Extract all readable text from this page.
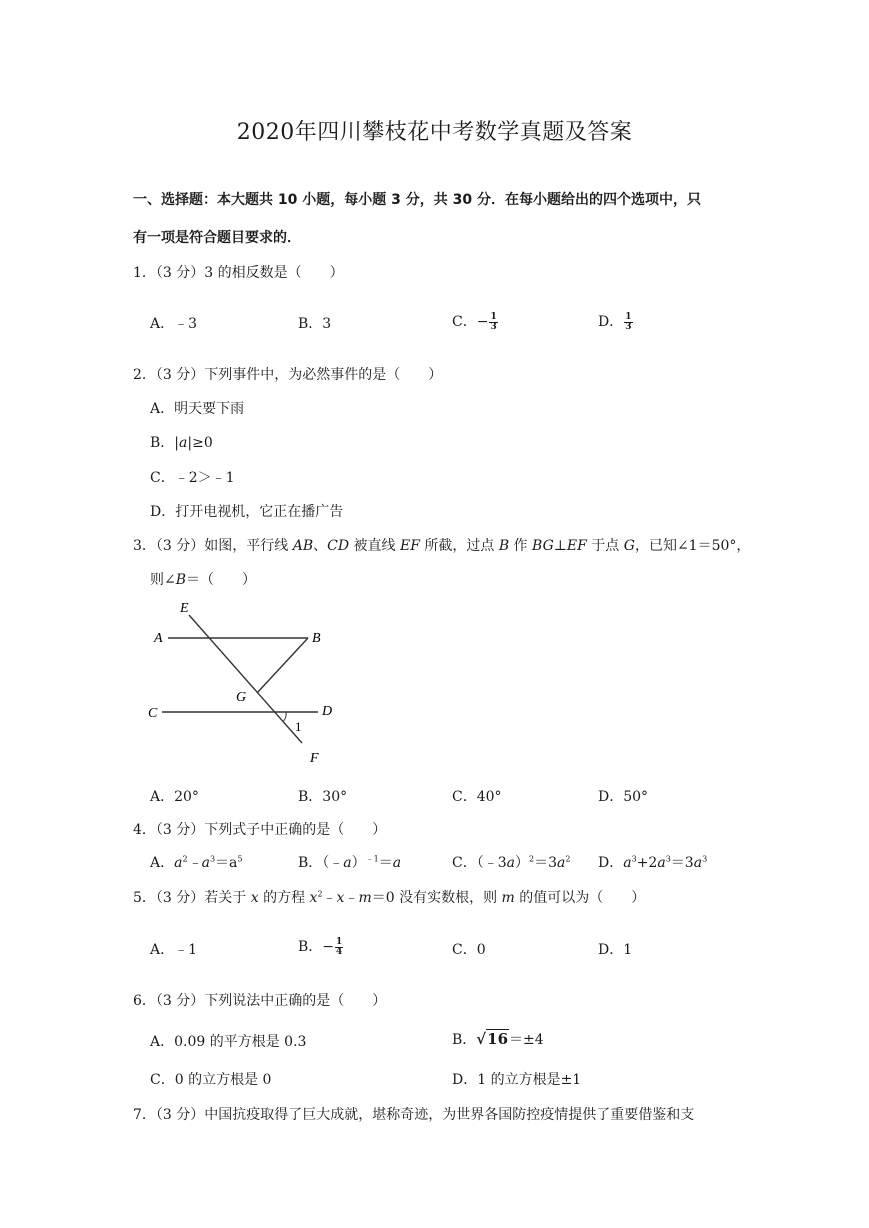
2020年四川攀枝花中考数学真题及答案
一、选择题：本大题共 10 小题，每小题 3 分，共 30 分．在每小题给出的四个选项中，只
有一项是符合题目要求的．
1．（3 分）3 的相反数是（　　）
A．﹣3	B．3	C．− $\frac{1}{3}$	D． $\frac{1}{3}$
2．（3 分）下列事件中，为必然事件的是（　　）
A．明天要下雨
B．|a|≥0
C．﹣2＞﹣1
D．打开电视机，它正在播广告
3．（3 分）如图，平行线 AB、CD 被直线 EF 所截，过点 B 作 BG⊥EF 于点 G，已知∠1＝50°，
则∠B＝（　　）
E
A	B
G
C	D
1
F
A．20°	B．30°	C．40°	D．50°
4．（3 分）下列式子中正确的是（　　）
A．$a^2﹣a^3=a^5$	B．（﹣a）$^{﹣1}$＝a	C．$(﹣3a)^2=3a^2$ D．$a^3+2a^3=3a^3$
5．（3 分）若关于 x 的方程 $x^2﹣x﹣m=0$ 没有实数根，则 m 的值可以为（　　）
A．﹣1	B．− $\frac{1}{4}$	C．0	D．1
6．（3 分）下列说法中正确的是（　　）
A．0.09 的平方根是 0.3	B．√16＝±4
C．0 的立方根是 0	D．1 的立方根是±1
7．（3 分）中国抗疫取得了巨大成就，堪称奇迹，为世界各国防控疫情提供了重要借鉴和支
